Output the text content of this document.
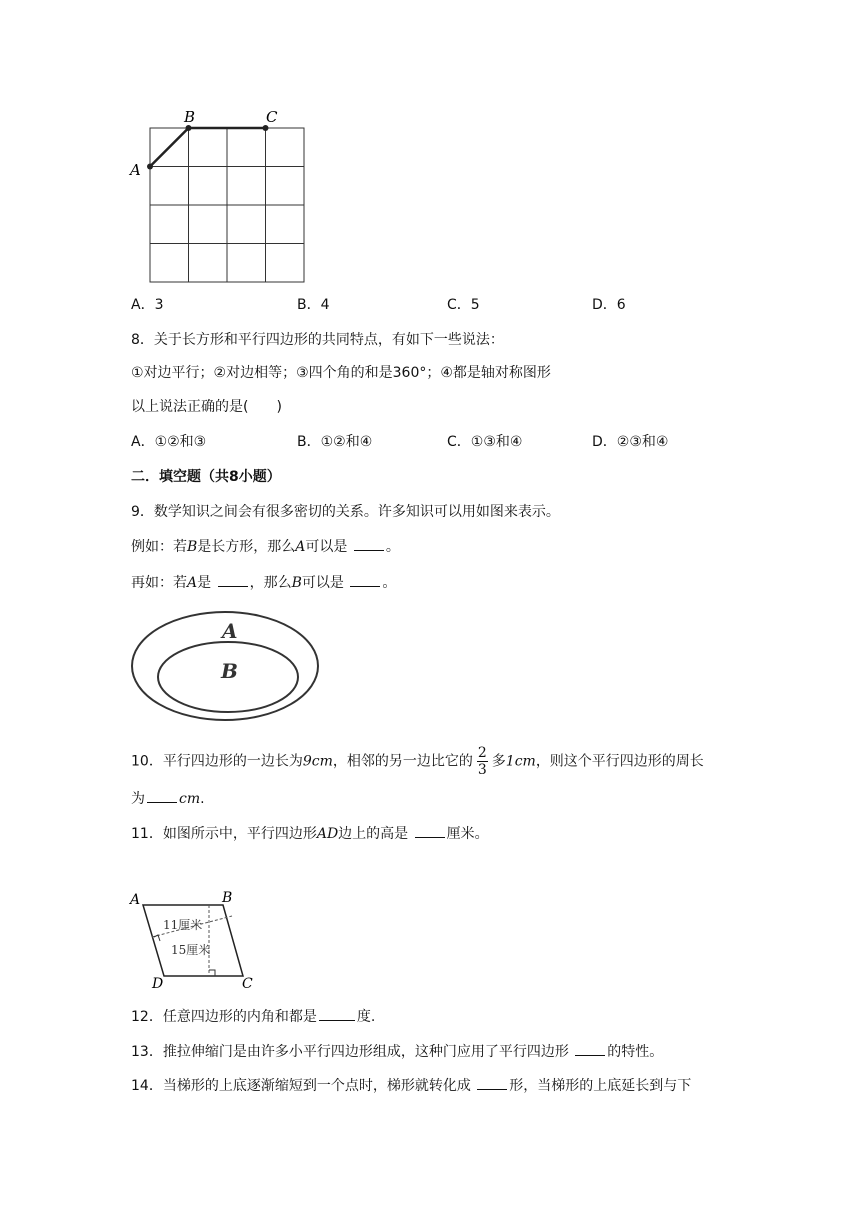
A
B	C
A．3	B．4	C．5	D．6
8．关于长方形和平行四边形的共同特点，有如下一些说法：
①对边平行；②对边相等；③四个角的和是360°；④都是轴对称图形
以上说法正确的是(　　)
A．①②和③	B．①②和④	C．①③和④	D．②③和④
二．填空题（共8小题）
9．数学知识之间会有很多密切的关系。许多知识可以用如图来表示。
例如：若B是长方形，那么A可以是	。
再如：若A是	，那么B可以是	。
A
B
10．平行四边形的一边长为9cm，相邻的另一边比它的 $\frac{2}{3}$ 多1cm，则这个平行四边形的周长
为 cm.
11．如图所示中，平行四边形AD边上的高是	厘米。
A	B
C
D
11厘米
15厘米
12．任意四边形的内角和都是	度.
13．推拉伸缩门是由许多小平行四边形组成，这种门应用了平行四边形	的特性。
14．当梯形的上底逐渐缩短到一个点时，梯形就转化成	形，当梯形的上底延长到与下
